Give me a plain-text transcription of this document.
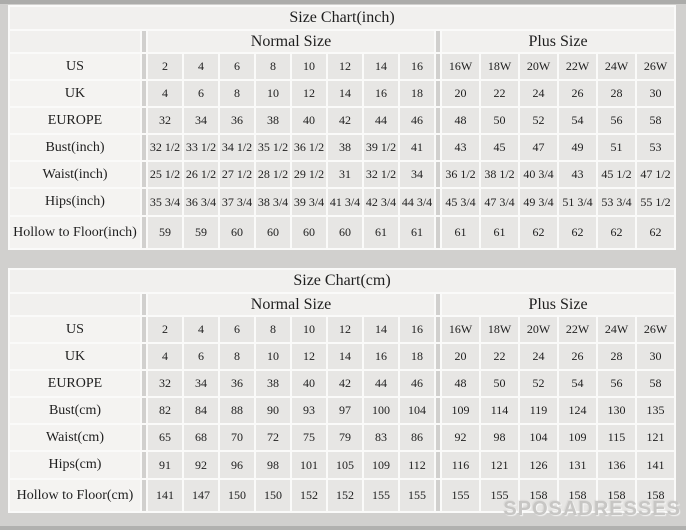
Size Chart(inch)																
		Normal Size									Plus Size					
US		2	4	6	8	10	12	14	16		16W	18W	20W	22W	24W	26W
UK		4	6	8	10	12	14	16	18		20	22	24	26	28	30
EUROPE		32	34	36	38	40	42	44	46		48	50	52	54	56	58
Bust(inch)		32 1/2	33 1/2	34 1/2	35 1/2	36 1/2	38	39 1/2	41		43	45	47	49	51	53
Waist(inch)		25 1/2	26 1/2	27 1/2	28 1/2	29 1/2	31	32 1/2	34		36 1/2	38 1/2	40 3/4	43	45 1/2	47 1/2
Hips(inch)		35 3/4	36 3/4	37 3/4	38 3/4	39 3/4	41 3/4	42 3/4	44 3/4		45 3/4	47 3/4	49 3/4	51 3/4	53 3/4	55 1/2
Hollow to Floor(inch)		59	59	60	60	60	60	61	61		61	61	62	62	62	62
Size Chart(cm)																
		Normal Size									Plus Size					
US		2	4	6	8	10	12	14	16		16W	18W	20W	22W	24W	26W
UK		4	6	8	10	12	14	16	18		20	22	24	26	28	30
EUROPE		32	34	36	38	40	42	44	46		48	50	52	54	56	58
Bust(cm)		82	84	88	90	93	97	100	104		109	114	119	124	130	135
Waist(cm)		65	68	70	72	75	79	83	86		92	98	104	109	115	121
Hips(cm)		91	92	96	98	101	105	109	112		116	121	126	131	136	141
Hollow to Floor(cm)		141	147	150	150	152	152	155	155		155	155	158	158	158	158
SPOSADRESSES
